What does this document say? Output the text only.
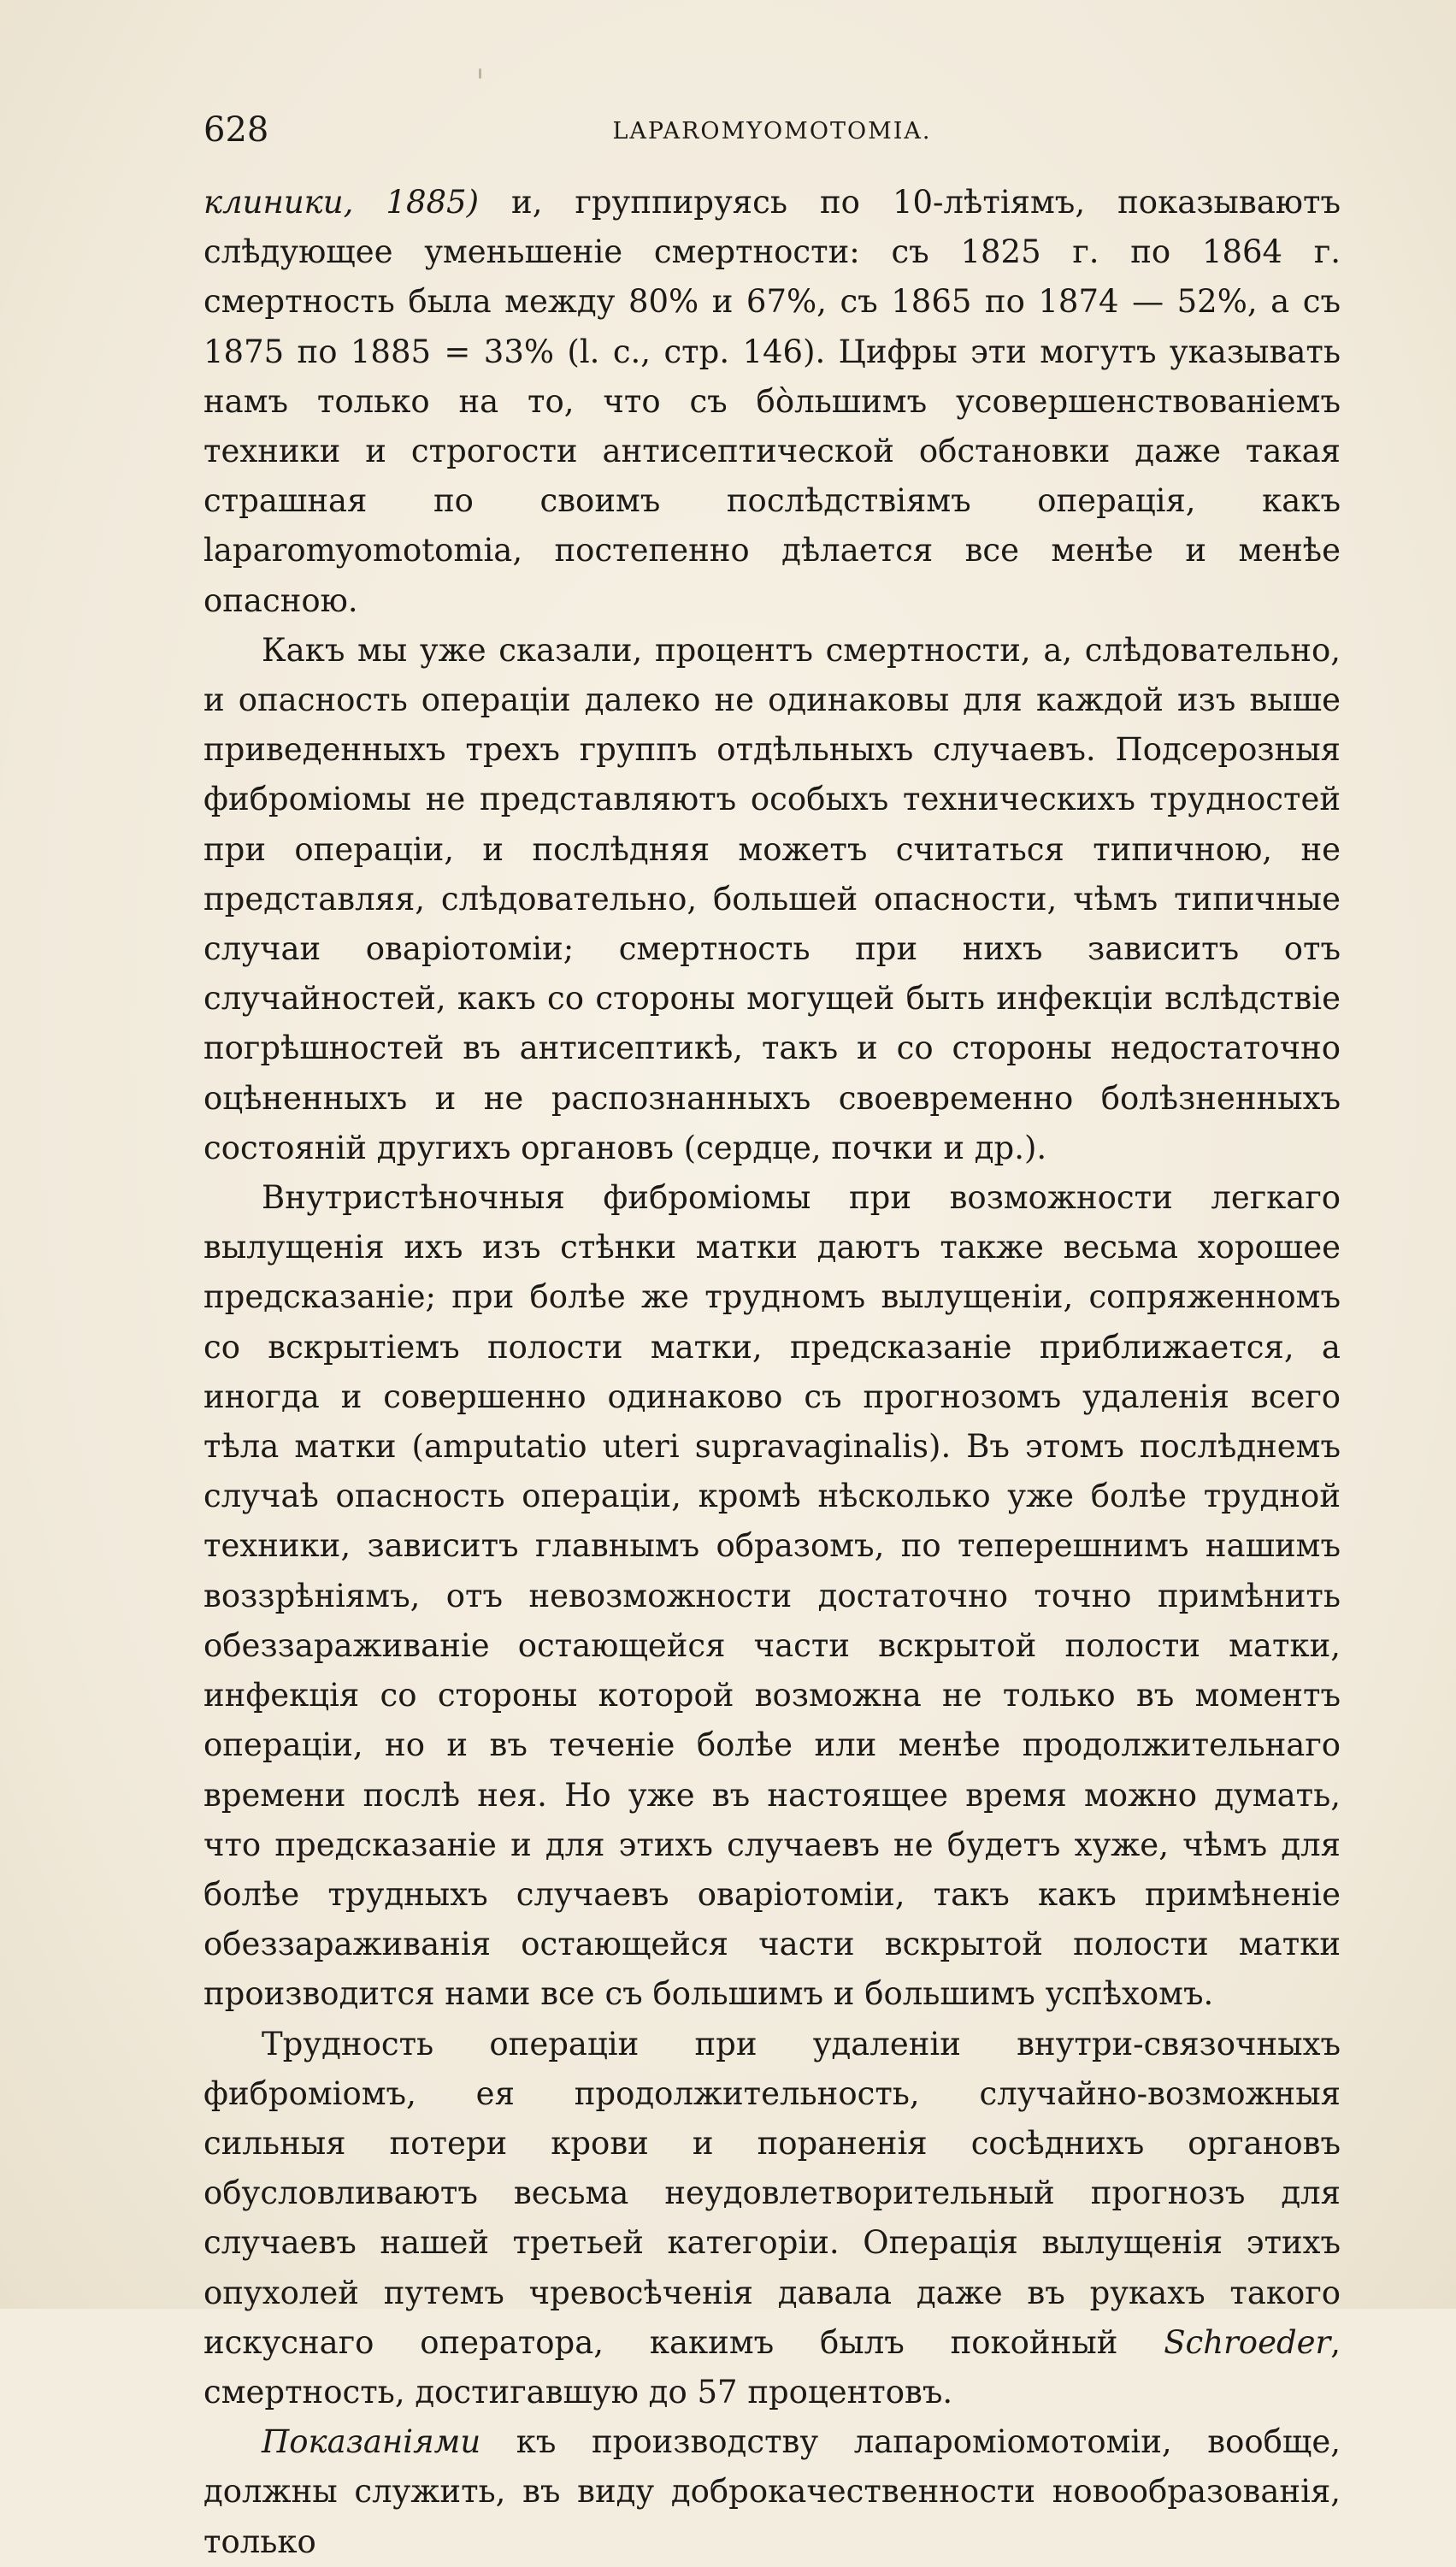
628	LAPAROMYOMOTOMIA.

клиники, 1885) и, группируясь по 10-лѣтіямъ, показываютъ слѣдующее уменьшеніе смертности: съ 1825 г. по 1864 г. смертность была между 80% и 67%, съ 1865 по 1874 — 52%, а съ 1875 по 1885 = 33% (l. c., стр. 146). Цифры эти могутъ указывать намъ только на то, что съ бо̀льшимъ усовершенствованіемъ техники и строгости антисептической обстановки даже такая страшная по своимъ послѣдствіямъ операція, какъ laparomyomotomia, постепенно дѣлается все менѣе и менѣе опасною.

Какъ мы уже сказали, процентъ смертности, а, слѣдовательно, и опасность операціи далеко не одинаковы для каждой изъ выше приведенныхъ трехъ группъ отдѣльныхъ случаевъ. Подсерозныя фиброміомы не представляютъ особыхъ техническихъ трудностей при операціи, и послѣдняя можетъ считаться типичною, не представляя, слѣдовательно, большей опасности, чѣмъ типичные случаи оваріотоміи; смертность при нихъ зависитъ отъ случайностей, какъ со стороны могущей быть инфекціи вслѣдствіе погрѣшностей въ антисептикѣ, такъ и со стороны недостаточно оцѣненныхъ и не распознанныхъ своевременно болѣзненныхъ состояній другихъ органовъ (сердце, почки и др.).

Внутристѣночныя фиброміомы при возможности легкаго вылущенія ихъ изъ стѣнки матки даютъ также весьма хорошее предсказаніе; при болѣе же трудномъ вылущеніи, сопряженномъ со вскрытіемъ полости матки, предсказаніе приближается, а иногда и совершенно одинаково съ прогнозомъ удаленія всего тѣла матки (amputatio uteri supravaginalis). Въ этомъ послѣднемъ случаѣ опасность операціи, кромѣ нѣсколько уже болѣе трудной техники, зависитъ главнымъ образомъ, по теперешнимъ нашимъ воззрѣніямъ, отъ невозможности достаточно точно примѣнить обеззараживаніе остающейся части вскрытой полости матки, инфекція со стороны которой возможна не только въ моментъ операціи, но и въ теченіе болѣе или менѣе продолжительнаго времени послѣ нея. Но уже въ настоящее время можно думать, что предсказаніе и для этихъ случаевъ не будетъ хуже, чѣмъ для болѣе трудныхъ случаевъ оваріотоміи, такъ какъ примѣненіе обеззараживанія остающейся части вскрытой полости матки производится нами все съ большимъ и большимъ успѣхомъ.

Трудность операціи при удаленіи внутри-связочныхъ фиброміомъ, ея продолжительность, случайно-возможныя сильныя потери крови и пораненія сосѣднихъ органовъ обусловливаютъ весьма неудовлетворительный прогнозъ для случаевъ нашей третьей категоріи. Операція вылущенія этихъ опухолей путемъ чревосѣченія давала даже въ рукахъ такого искуснаго оператора, какимъ былъ покойный Schroeder, смертность, достигавшую до 57 процентовъ.

Показаніями къ производству лапароміомотоміи, вообще, должны служить, въ виду доброкачественности новообразованія, только
